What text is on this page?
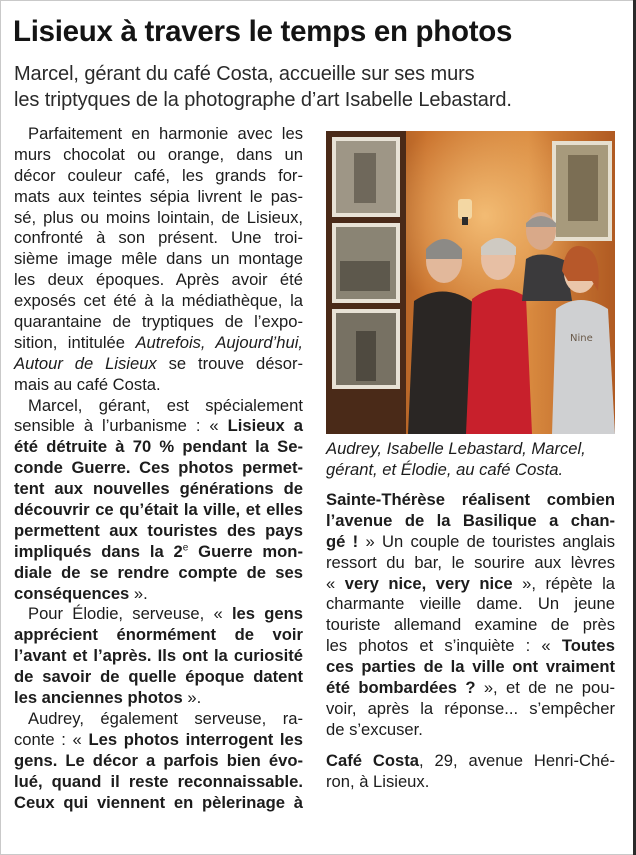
Lisieux à travers le temps en photos
Marcel, gérant du café Costa, accueille sur ses murs
les triptyques de la photographe d’art Isabelle Lebastard.
Parfaitement en harmonie avec les
murs chocolat ou orange, dans un
décor couleur café, les grands for-
mats aux teintes sépia livrent le pas-
sé, plus ou moins lointain, de Lisieux,
confronté à son présent. Une troi-
sième image mêle dans un montage
les deux époques. Après avoir été
exposés cet été à la médiathèque, la
quarantaine de tryptiques de l’expo-
sition, intitulée Autrefois, Aujourd’hui,
Autour de Lisieux se trouve désor-
mais au café Costa.
Marcel, gérant, est spécialement
sensible à l’urbanisme : « Lisieux a
été détruite à 70 % pendant la Se-
conde Guerre. Ces photos permet-
tent aux nouvelles générations de
découvrir ce qu’était la ville, et elles
permettent aux touristes des pays
impliqués dans la 2e Guerre mon-
diale de se rendre compte de ses
conséquences ».
Pour Élodie, serveuse, « les gens
apprécient énormément de voir
l’avant et l’après. Ils ont la curiosité
de savoir de quelle époque datent
les anciennes photos ».
Audrey, également serveuse, ra-
conte : « Les photos interrogent les
gens. Le décor a parfois bien évo-
lué, quand il reste reconnaissable.
Ceux qui viennent en pèlerinage à
Nine
Audrey, Isabelle Lebastard, Marcel,
gérant, et Élodie, au café Costa.
Sainte-Thérèse réalisent combien
l’avenue de la Basilique a chan-
gé ! » Un couple de touristes anglais
ressort du bar, le sourire aux lèvres
« very nice, very nice », répète la
charmante vieille dame. Un jeune
touriste allemand examine de près
les photos et s’inquiète : « Toutes
ces parties de la ville ont vraiment
été bombardées ? », et de ne pou-
voir, après la réponse... s’empêcher
de s’excuser.
Café Costa, 29, avenue Henri-Ché-
ron, à Lisieux.
